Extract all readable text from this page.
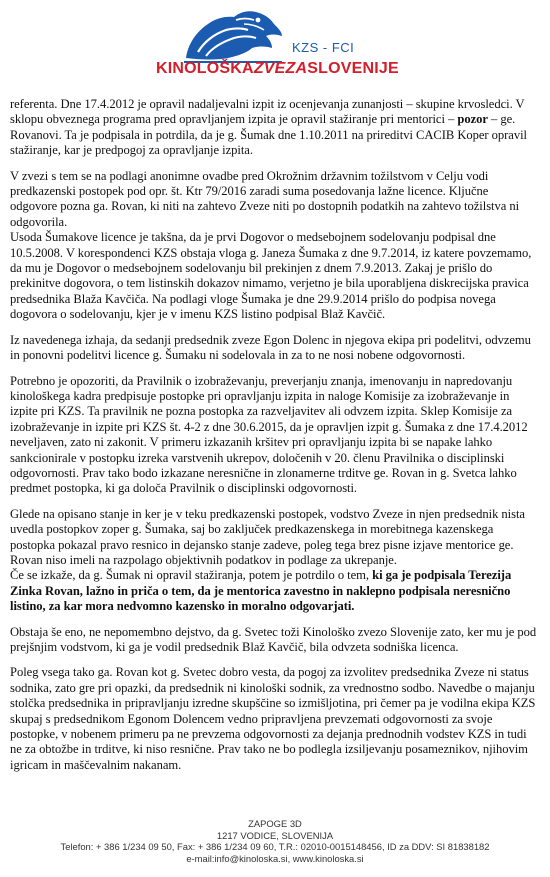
KZS - FCI
KINOLOŠKAZVEZASLOVENIJE

referenta. Dne 17.4.2012 je opravil nadaljevalni izpit iz ocenjevanja zunanjosti – skupine krvosledci. V sklopu obveznega programa pred opravljanjem izpita je opravil stažiranje pri mentorici – pozor – ge. Rovanovi. Ta je podpisala in potrdila, da je g. Šumak dne 1.10.2011 na prireditvi CACIB Koper opravil stažiranje, kar je predpogoj za opravljanje izpita.

V zvezi s tem se na podlagi anonimne ovadbe pred Okrožnim državnim tožilstvom v Celju vodi predkazenski postopek pod opr. št. Ktr 79/2016 zaradi suma posedovanja lažne licence. Ključne odgovore pozna ga. Rovan, ki niti na zahtevo Zveze niti po dostopnih podatkih na zahtevo tožilstva ni odgovorila.

Usoda Šumakove licence je takšna, da je prvi Dogovor o medsebojnem sodelovanju podpisal dne 10.5.2008. V korespondenci KZS obstaja vloga g. Janeza Šumaka z dne 9.7.2014, iz katere povzemamo, da mu je Dogovor o medsebojnem sodelovanju bil prekinjen z dnem 7.9.2013. Zakaj je prišlo do prekinitve dogovora, o tem listinskih dokazov nimamo, verjetno je bila uporabljena diskrecijska pravica predsednika Blaža Kavčiča. Na podlagi vloge Šumaka je dne 29.9.2014 prišlo do podpisa novega dogovora o sodelovanju, kjer je v imenu KZS listino podpisal Blaž Kavčič.

Iz navedenega izhaja, da sedanji predsednik zveze Egon Dolenc in njegova ekipa pri podelitvi, odvzemu in ponovni podelitvi licence g. Šumaku ni sodelovala in za to ne nosi nobene odgovornosti.

Potrebno je opozoriti, da Pravilnik o izobraževanju, preverjanju znanja, imenovanju in napredovanju kinološkega kadra predpisuje postopke pri opravljanju izpita in naloge Komisije za izobraževanje in izpite pri KZS. Ta pravilnik ne pozna postopka za razveljavitev ali odvzem izpita. Sklep Komisije za izobraževanje in izpite pri KZS št. 4-2 z dne 30.6.2015, da je opravljen izpit g. Šumaka z dne 17.4.2012 neveljaven, zato ni zakonit. V primeru izkazanih kršitev pri opravljanju izpita bi se napake lahko sankcionirale v postopku izreka varstvenih ukrepov, določenih v 20. členu Pravilnika o disciplinski odgovornosti. Prav tako bodo izkazane neresnične in zlonamerne trditve ge. Rovan in g. Svetca lahko predmet postopka, ki ga določa Pravilnik o disciplinski odgovornosti.

Glede na opisano stanje in ker je v teku predkazenski postopek, vodstvo Zveze in njen predsednik nista uvedla postopkov zoper g. Šumaka, saj bo zaključek predkazenskega in morebitnega kazenskega postopka pokazal pravo resnico in dejansko stanje zadeve, poleg tega brez pisne izjave mentorice ge. Rovan niso imeli na razpolago objektivnih podatkov in podlage za ukrepanje.

Če se izkaže, da g. Šumak ni opravil stažiranja, potem je potrdilo o tem, ki ga je podpisala Terezija Zinka Rovan, lažno in priča o tem, da je mentorica zavestno in naklepno podpisala neresnično listino, za kar mora nedvomno kazensko in moralno odgovarjati.

Obstaja še eno, ne nepomembno dejstvo, da g. Svetec toži Kinološko zvezo Slovenije zato, ker mu je pod prejšnjim vodstvom, ki ga je vodil predsednik Blaž Kavčič, bila odvzeta sodniška licenca.

Poleg vsega tako ga. Rovan kot g. Svetec dobro vesta, da pogoj za izvolitev predsednika Zveze ni status sodnika, zato gre pri opazki, da predsednik ni kinološki sodnik, za vrednostno sodbo. Navedbe o majanju stolčka predsednika in pripravljanju izredne skupščine so izmišljotina, pri čemer pa je vodilna ekipa KZS skupaj s predsednikom Egonom Dolencem vedno pripravljena prevzemati odgovornosti za svoje postopke, v nobenem primeru pa ne prevzema odgovornosti za dejanja prednodnih vodstev KZS in tudi ne za obtožbe in trditve, ki niso resnične. Prav tako ne bo podlegla izsiljevanju posameznikov, njihovim igricam in maščevalnim nakanam.

ZAPOGE 3D
1217 VODICE, SLOVENIJA
Telefon: + 386 1/234 09 50, Fax: + 386 1/234 09 60, T.R.: 02010-0015148456, ID za DDV: SI 81838182
e-mail:info@kinoloska.si, www.kinoloska.si
